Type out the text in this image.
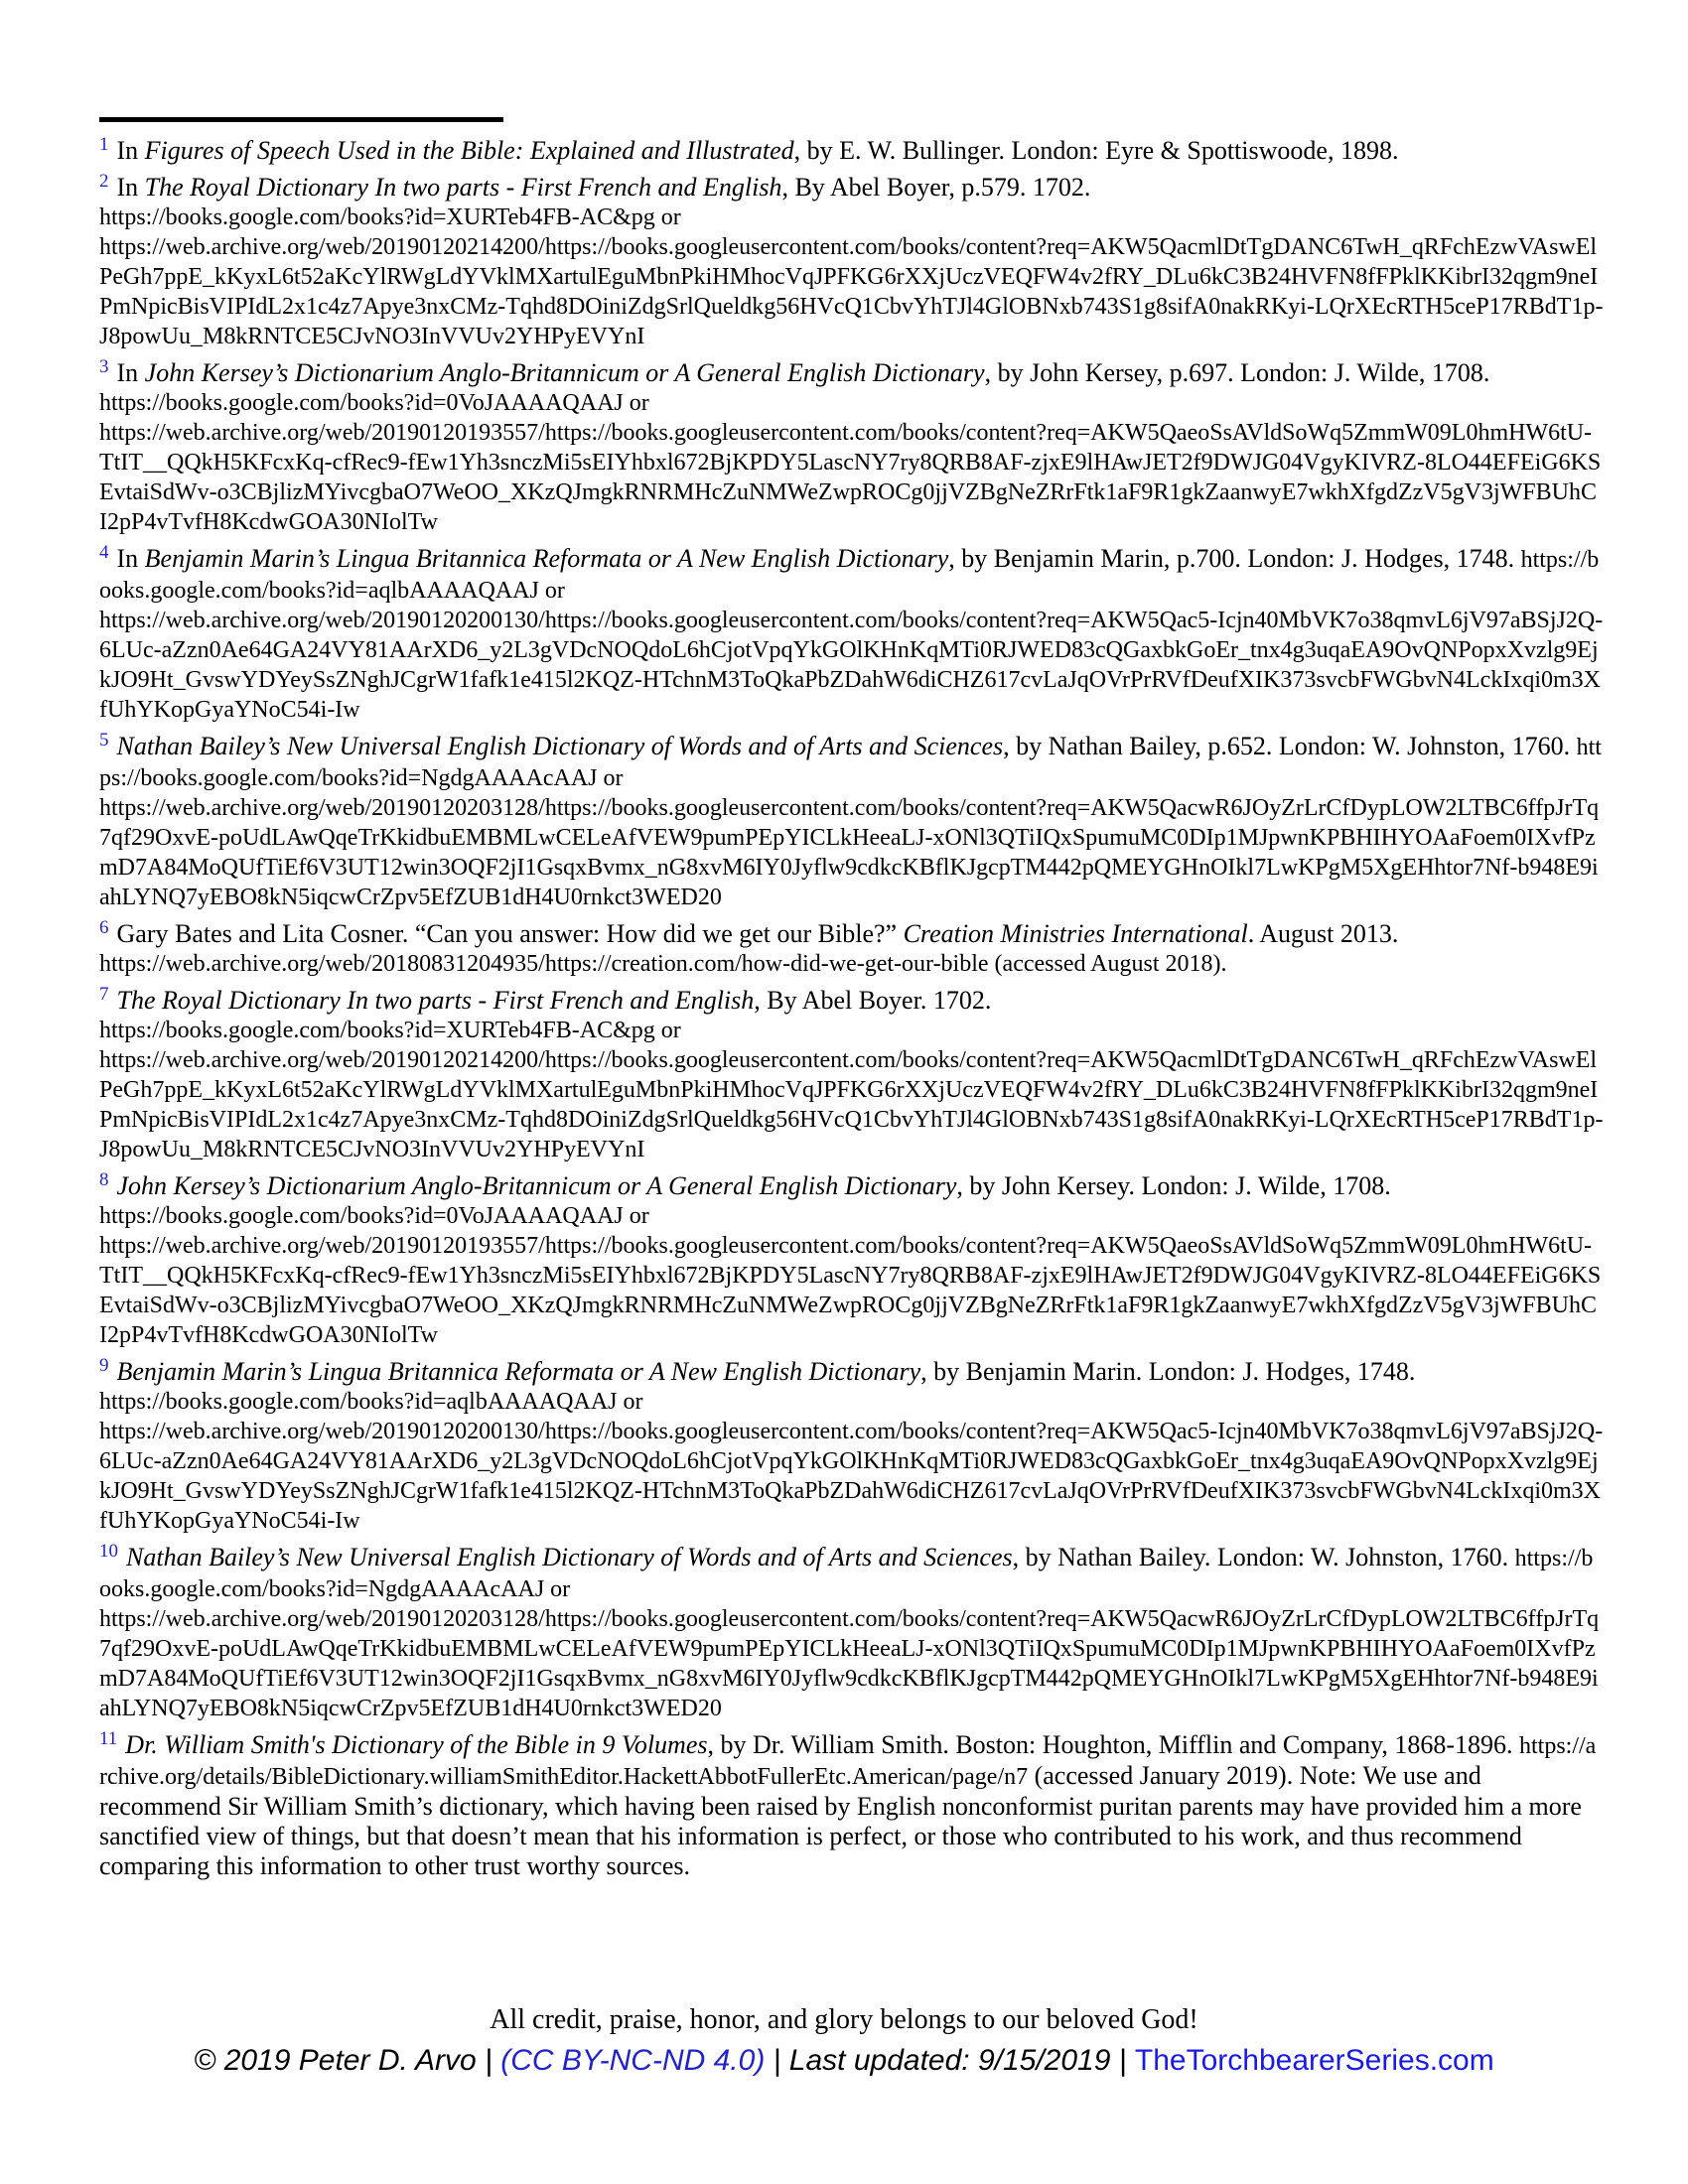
$^1$ In Figures of Speech Used in the Bible: Explained and Illustrated, by E. W. Bullinger. London: Eyre & Spottiswoode, 1898.
$^2$ In The Royal Dictionary In two parts - First French and English, By Abel Boyer, p.579. 1702.
https://books.google.com/books?id=XURTeb4FB-AC&pg or
https://web.archive.org/web/20190120214200/https://books.googleusercontent.com/books/content?req=AKW5QacmlDtTgDANC6TwH_qRFchEzwVAswElPeGh7ppE_kKyxL6t52aKcYlRWgLdYVklMXartulEguMbnPkiHMhocVqJPFKG6rXXjUczVEQFW4v2fRY_DLu6kC3B24HVFN8fFPklKKibrI32qgm9neIPmNpicBisVIPIdL2x1c4z7Apye3nxCMz-Tqhd8DOiniZdgSrlQueldkg56HVcQ1CbvYhTJl4GlOBNxb743S1g8sifA0nakRKyi-LQrXEcRTH5ceP17RBdT1p-J8powUu_M8kRNTCE5CJvNO3InVVUv2YHPyEVYnI
$^3$ In John Kersey’s Dictionarium Anglo-Britannicum or A General English Dictionary, by John Kersey, p.697. London: J. Wilde, 1708.
https://books.google.com/books?id=0VoJAAAAQAAJ or
https://web.archive.org/web/20190120193557/https://books.googleusercontent.com/books/content?req=AKW5QaeoSsAVldSoWq5ZmmW09L0hmHW6tU-TtIT__QQkH5KFcxKq-cfRec9-fEw1Yh3snczMi5sEIYhbxl672BjKPDY5LascNY7ry8QRB8AF-zjxE9lHAwJET2f9DWJG04VgyKIVRZ-8LO44EFEiG6KSEvtaiSdWv-o3CBjlizMYivcgbaO7WeOO_XKzQJmgkRNRMHcZuNMWeZwpROCg0jjVZBgNeZRrFtk1aF9R1gkZaanwyE7wkhXfgdZzV5gV3jWFBUhCI2pP4vTvfH8KcdwGOA30NIolTw
$^4$ In Benjamin Marin’s Lingua Britannica Reformata or A New English Dictionary, by Benjamin Marin, p.700. London: J. Hodges, 1748. https://books.google.com/books?id=aqlbAAAAQAAJ or
https://web.archive.org/web/20190120200130/https://books.googleusercontent.com/books/content?req=AKW5Qac5-Icjn40MbVK7o38qmvL6jV97aBSjJ2Q-6LUc-aZzn0Ae64GA24VY81AArXD6_y2L3gVDcNOQdoL6hCjotVpqYkGOlKHnKqMTi0RJWED83cQGaxbkGoEr_tnx4g3uqaEA9OvQNPopxXvzlg9EjkJO9Ht_GvswYDYeySsZNghJCgrW1fafk1e415l2KQZ-HTchnM3ToQkaPbZDahW6diCHZ617cvLaJqOVrPrRVfDeufXIK373svcbFWGbvN4LckIxqi0m3XfUhYKopGyaYNoC54i-Iw
$^5$ Nathan Bailey’s New Universal English Dictionary of Words and of Arts and Sciences, by Nathan Bailey, p.652. London: W. Johnston, 1760. https://books.google.com/books?id=NgdgAAAAcAAJ or
https://web.archive.org/web/20190120203128/https://books.googleusercontent.com/books/content?req=AKW5QacwR6JOyZrLrCfDypLOW2LTBC6ffpJrTq7qf29OxvE-poUdLAwQqeTrKkidbuEMBMLwCELeAfVEW9pumPEpYICLkHeeaLJ-xONl3QTiIQxSpumuMC0DIp1MJpwnKPBHIHYOAaFoem0IXvfPzmD7A84MoQUfTiEf6V3UT12win3OQF2jI1GsqxBvmx_nG8xvM6IY0Jyflw9cdkcKBflKJgcpTM442pQMEYGHnOIkl7LwKPgM5XgEHhtor7Nf-b948E9iahLYNQ7yEBO8kN5iqcwCrZpv5EfZUB1dH4U0rnkct3WED20
$^6$ Gary Bates and Lita Cosner. “Can you answer: How did we get our Bible?” Creation Ministries International. August 2013.
https://web.archive.org/web/20180831204935/https://creation.com/how-did-we-get-our-bible (accessed August 2018).
$^7$ The Royal Dictionary In two parts - First French and English, By Abel Boyer. 1702.
https://books.google.com/books?id=XURTeb4FB-AC&pg or
https://web.archive.org/web/20190120214200/https://books.googleusercontent.com/books/content?req=AKW5QacmlDtTgDANC6TwH_qRFchEzwVAswElPeGh7ppE_kKyxL6t52aKcYlRWgLdYVklMXartulEguMbnPkiHMhocVqJPFKG6rXXjUczVEQFW4v2fRY_DLu6kC3B24HVFN8fFPklKKibrI32qgm9neIPmNpicBisVIPIdL2x1c4z7Apye3nxCMz-Tqhd8DOiniZdgSrlQueldkg56HVcQ1CbvYhTJl4GlOBNxb743S1g8sifA0nakRKyi-LQrXEcRTH5ceP17RBdT1p-J8powUu_M8kRNTCE5CJvNO3InVVUv2YHPyEVYnI
$^8$ John Kersey’s Dictionarium Anglo-Britannicum or A General English Dictionary, by John Kersey. London: J. Wilde, 1708.
https://books.google.com/books?id=0VoJAAAAQAAJ or
https://web.archive.org/web/20190120193557/https://books.googleusercontent.com/books/content?req=AKW5QaeoSsAVldSoWq5ZmmW09L0hmHW6tU-TtIT__QQkH5KFcxKq-cfRec9-fEw1Yh3snczMi5sEIYhbxl672BjKPDY5LascNY7ry8QRB8AF-zjxE9lHAwJET2f9DWJG04VgyKIVRZ-8LO44EFEiG6KSEvtaiSdWv-o3CBjlizMYivcgbaO7WeOO_XKzQJmgkRNRMHcZuNMWeZwpROCg0jjVZBgNeZRrFtk1aF9R1gkZaanwyE7wkhXfgdZzV5gV3jWFBUhCI2pP4vTvfH8KcdwGOA30NIolTw
$^9$ Benjamin Marin’s Lingua Britannica Reformata or A New English Dictionary, by Benjamin Marin. London: J. Hodges, 1748.
https://books.google.com/books?id=aqlbAAAAQAAJ or
https://web.archive.org/web/20190120200130/https://books.googleusercontent.com/books/content?req=AKW5Qac5-Icjn40MbVK7o38qmvL6jV97aBSjJ2Q-6LUc-aZzn0Ae64GA24VY81AArXD6_y2L3gVDcNOQdoL6hCjotVpqYkGOlKHnKqMTi0RJWED83cQGaxbkGoEr_tnx4g3uqaEA9OvQNPopxXvzlg9EjkJO9Ht_GvswYDYeySsZNghJCgrW1fafk1e415l2KQZ-HTchnM3ToQkaPbZDahW6diCHZ617cvLaJqOVrPrRVfDeufXIK373svcbFWGbvN4LckIxqi0m3XfUhYKopGyaYNoC54i-Iw
$^{10}$ Nathan Bailey’s New Universal English Dictionary of Words and of Arts and Sciences, by Nathan Bailey. London: W. Johnston, 1760. https://books.google.com/books?id=NgdgAAAAcAAJ or
https://web.archive.org/web/20190120203128/https://books.googleusercontent.com/books/content?req=AKW5QacwR6JOyZrLrCfDypLOW2LTBC6ffpJrTq7qf29OxvE-poUdLAwQqeTrKkidbuEMBMLwCELeAfVEW9pumPEpYICLkHeeaLJ-xONl3QTiIQxSpumuMC0DIp1MJpwnKPBHIHYOAaFoem0IXvfPzmD7A84MoQUfTiEf6V3UT12win3OQF2jI1GsqxBvmx_nG8xvM6IY0Jyflw9cdkcKBflKJgcpTM442pQMEYGHnOIkl7LwKPgM5XgEHhtor7Nf-b948E9iahLYNQ7yEBO8kN5iqcwCrZpv5EfZUB1dH4U0rnkct3WED20
$^{11}$ Dr. William Smith's Dictionary of the Bible in 9 Volumes, by Dr. William Smith. Boston: Houghton, Mifflin and Company, 1868-1896. https://archive.org/details/BibleDictionary.williamSmithEditor.HackettAbbotFullerEtc.American/page/n7 (accessed January 2019). Note: We use and recommend Sir William Smith’s dictionary, which having been raised by English nonconformist puritan parents may have provided him a more sanctified view of things, but that doesn’t mean that his information is perfect, or those who contributed to his work, and thus recommend comparing this information to other trust worthy sources.
All credit, praise, honor, and glory belongs to our beloved God!
© 2019 Peter D. Arvo | (CC BY-NC-ND 4.0) | Last updated: 9/15/2019 | TheTorchbearerSeries.com
